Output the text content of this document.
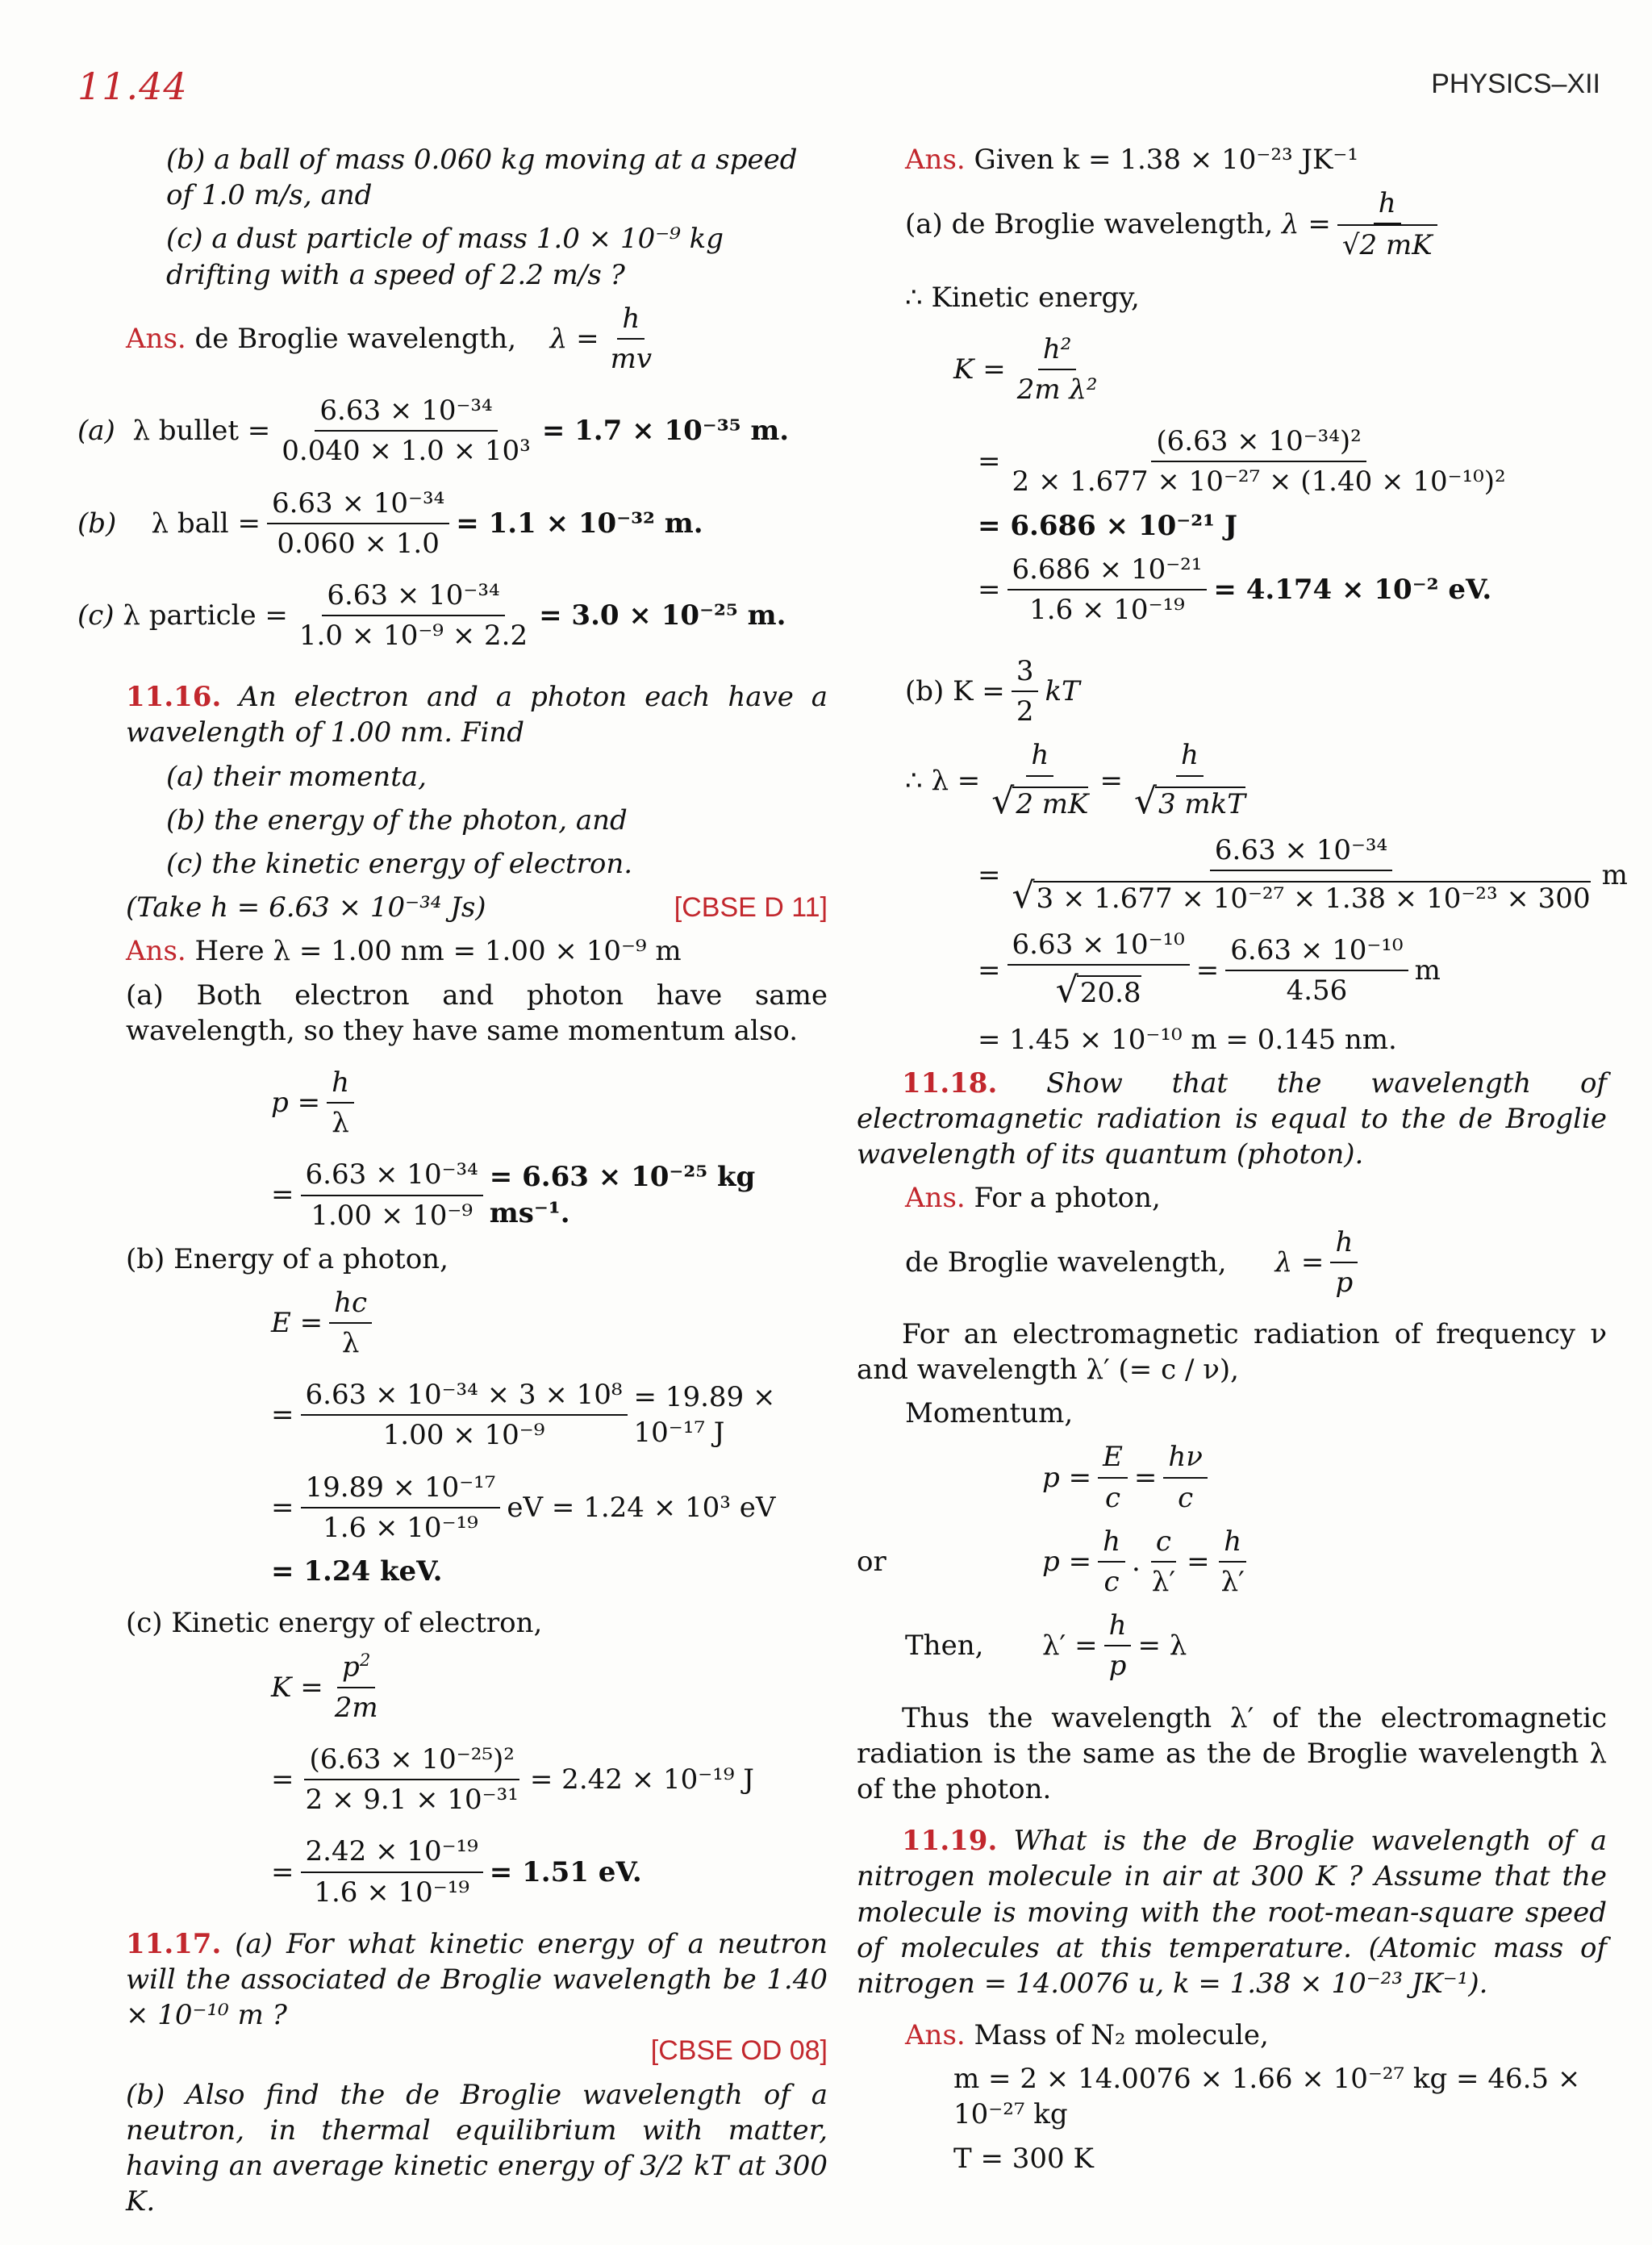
11.44	PHYSICS–XII
(b) a ball of mass 0.060 kg moving at a speed of 1.0 m/s, and
(c) a dust particle of mass 1.0 × 10⁻⁹ kg drifting with a speed of 2.2 m/s ?
Ans.
de Broglie wavelength,
$\lambda = \frac{h}{mv}$
(a)
λ bullet = $\frac{\text{6.63 × 10⁻³⁴}}{\text{0.040 × 1.0 × 10³}} = 1.7 \times 10^{-35}$ m.
(b)
λ ball = $\frac{\text{6.63 × 10⁻³⁴}}{0.060 \times 1.0} = 1.1 \times 10^{-32}$ m.
(c)
λ particle = $\frac{\text{6.63 × 10⁻³⁴}}{\text{1.0 × 10⁻⁹ × 2.2}} = 3.0 \times 10^{-25}$ m.
11.16. An electron and a photon each have a wavelength of 1.00 nm. Find
(a) their momenta,
(b) the energy of the photon, and
(c) the kinetic energy of electron.
(Take h = 6.63 × 10⁻³⁴ Js)	[CBSE D 11]
Ans. Here λ = 1.00 nm = 1.00 × 10⁻⁹ m
(a) Both electron and photon have same wavelength, so they have same momentum also.
$p = \frac{h}{\lambda}$
= $\frac{\text{6.63 × 10⁻³⁴}}{\text{1.00 × 10⁻⁹}} = 6.63 \times 10^{-25}$ kg ms⁻¹.
(b) Energy of a photon,
$E = \frac{hc}{\lambda}$
= $\frac{\text{6.63 × 10⁻³⁴ × 3 × 10⁸}}{\text{1.00 × 10⁻⁹}} = 19.89 \times 10^{-17}$ J
= $\frac{\text{19.89 × 10⁻¹⁷}}{\text{1.6 × 10⁻¹⁹}}$ eV = 1.24 × 10³ eV
= 1.24 keV.
(c) Kinetic energy of electron,
$K = \frac{p^2}{2m}$
= $\frac{\text{(6.63 × 10⁻²⁵)²}}{\text{2 × 9.1 × 10⁻³¹}} = 2.42 \times 10^{-19}$ J
= $\frac{\text{2.42 × 10⁻¹⁹}}{\text{1.6 × 10⁻¹⁹}} = 1.51$ eV.
11.17. (a) For what kinetic energy of a neutron will the associated de Broglie wavelength be 1.40 × 10⁻¹⁰ m ?
[CBSE OD 08]
(b) Also find the de Broglie wavelength of a neutron, in thermal equilibrium with matter, having an average kinetic energy of 3/2 kT at 300 K.
Ans. Given k = 1.38 × 10⁻²³ JK⁻¹
(a) de Broglie wavelength,
$\lambda = \frac{h}{√2 mK}$
∴ Kinetic energy,
$K = \frac{\text{h²}}{\text{2m λ²}}$
= $\frac{\text{(6.63 × 10⁻³⁴)²}}{\text{2 × 1.677 × 10⁻²⁷ × (1.40 × 10⁻¹⁰)²}}$
= 6.686 × 10⁻²¹ J
= $\frac{\text{6.686 × 10⁻²¹}}{\text{1.6 × 10⁻¹⁹}} = 4.174 \times 10^{-2}$ eV.
(b) $K = \frac{3}{2}$ kT
∴ $\lambda = \frac{h}{√2 mK} = \frac{h}{\text{√3 mkT}}$
= $\frac{\text{6.63 × 10⁻³⁴}}{\text{√3 × 1.677 × 10⁻²⁷ × 1.38 × 10⁻²³ × 300}}$ m
= $\frac{\text{6.63 × 10⁻¹⁰}}{√20.8} = \frac{\text{6.63 × 10⁻¹⁰}}{4.56}$ m
= 1.45 × 10⁻¹⁰ m = 0.145 nm.
11.18. Show that the wavelength of electromagnetic radiation is equal to the de Broglie wavelength of its quantum (photon).
Ans. For a photon,
de Broglie wavelength, $\lambda = \frac{h}{p}$
For an electromagnetic radiation of frequency ν and wavelength λ′ (= c / ν),
Momentum,
$p = \frac{E}{c} = \frac{h\nu}{c}$
or	$p = \frac{h}{c}$ . $\frac{c}{\lambda'} = \frac{h}{\lambda'}$
Then,	$\lambda' = \frac{h}{p} = \lambda$
Thus the wavelength λ′ of the electromagnetic radiation is the same as the de Broglie wavelength λ of the photon.
11.19. What is the de Broglie wavelength of a nitrogen molecule in air at 300 K ? Assume that the molecule is moving with the root-mean-square speed of molecules at this temperature. (Atomic mass of nitrogen = 14.0076 u, k = 1.38 × 10⁻²³ JK⁻¹).
Ans. Mass of N₂ molecule,
m = 2 × 14.0076 × 1.66 × 10⁻²⁷ kg = 46.5 × 10⁻²⁷ kg
T = 300 K
